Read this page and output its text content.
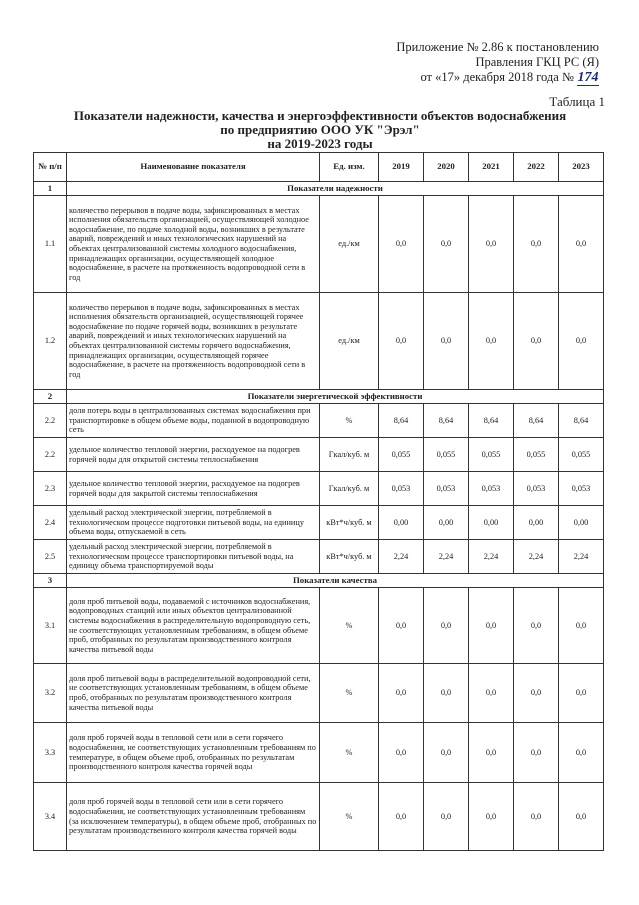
Приложение № 2.86 к постановлению
Правления ГКЦ РС (Я)
от «17» декабря 2018 года № 174
Таблица 1
Показатели надежности, качества и энергоэффективности объектов водоснабжения
по предприятию ООО УК "Эрэл"
на 2019-2023 годы
№ п/п	Наименование показателя	Ед. изм.	2019	2020	2021	2022	2023
1	Показатели надежности						
1.1	количество перерывов в подаче воды, зафиксированных в местах исполнения обязательств организацией, осуществляющей холодное водоснабжение, по подаче холодной воды, возникших в результате аварий, повреждений и иных технологических нарушений на объектах централизованной системы холодного водоснабжения, принадлежащих организации, осуществляющей холодное водоснабжение, в расчете на протяженность водопроводной сети в год	ед./км	0,0	0,0	0,0	0,0	0,0
1.2	количество перерывов в подаче воды, зафиксированных в местах исполнения обязательств организацией, осуществляющей горячее водоснабжение по подаче горячей воды, возникших в результате аварий, повреждений и иных технологических нарушений на объектах централизованной системы горячего водоснабжения, принадлежащих организации, осуществляющей горячее водоснабжение, в расчете на протяженность водопроводной сети в год	ед./км	0,0	0,0	0,0	0,0	0,0
2	Показатели энергетической эффективности						
2.2	доля потерь воды в централизованных системах водоснабжения при транспортировке в общем объеме воды, поданной в водопроводную сеть	%	8,64	8,64	8,64	8,64	8,64
2.2	удельное количество тепловой энергии, расходуемое на подогрев горячей воды для открытой системы теплоснабжения	Гкал/куб. м	0,055	0,055	0,055	0,055	0,055
2.3	удельное количество тепловой энергии, расходуемое на подогрев горячей воды для закрытой системы теплоснабжения	Гкал/куб. м	0,053	0,053	0,053	0,053	0,053
2.4	удельный расход электрической энергии, потребляемой в технологическом процессе подготовки питьевой воды, на единицу объема воды, отпускаемой в сеть	кВт*ч/куб. м	0,00	0,00	0,00	0,00	0,00
2.5	удельный расход электрической энергии, потребляемой в технологическом процессе транспортировки питьевой воды, на единицу объема транспортируемой воды	кВт*ч/куб. м	2,24	2,24	2,24	2,24	2,24
3	Показатели качества						
3.1	доля проб питьевой воды, подаваемой с источников водоснабжения, водопроводных станций или иных объектов централизованной системы водоснабжения в распределительную водопроводную сеть, не соответствующих установленным требованиям, в общем объеме проб, отобранных по результатам производственного контроля качества питьевой воды	%	0,0	0,0	0,0	0,0	0,0
3.2	доля проб питьевой воды в распределительной водопроводной сети, не соответствующих установленным требованиям, в общем объеме проб, отобранных по результатам производственного контроля качества питьевой воды	%	0,0	0,0	0,0	0,0	0,0
3.3	доля проб горячей воды в тепловой сети или в сети горячего водоснабжения, не соответствующих установленным требованиям по температуре, в общем объеме проб, отобранных по результатам производственного контроля качества горячей воды	%	0,0	0,0	0,0	0,0	0,0
3.4	доля проб горячей воды в тепловой сети или в сети горячего водоснабжения, не соответствующих установленным требованиям (за исключением температуры), в общем объеме проб, отобранных по результатам производственного контроля качества горячей воды	%	0,0	0,0	0,0	0,0	0,0
